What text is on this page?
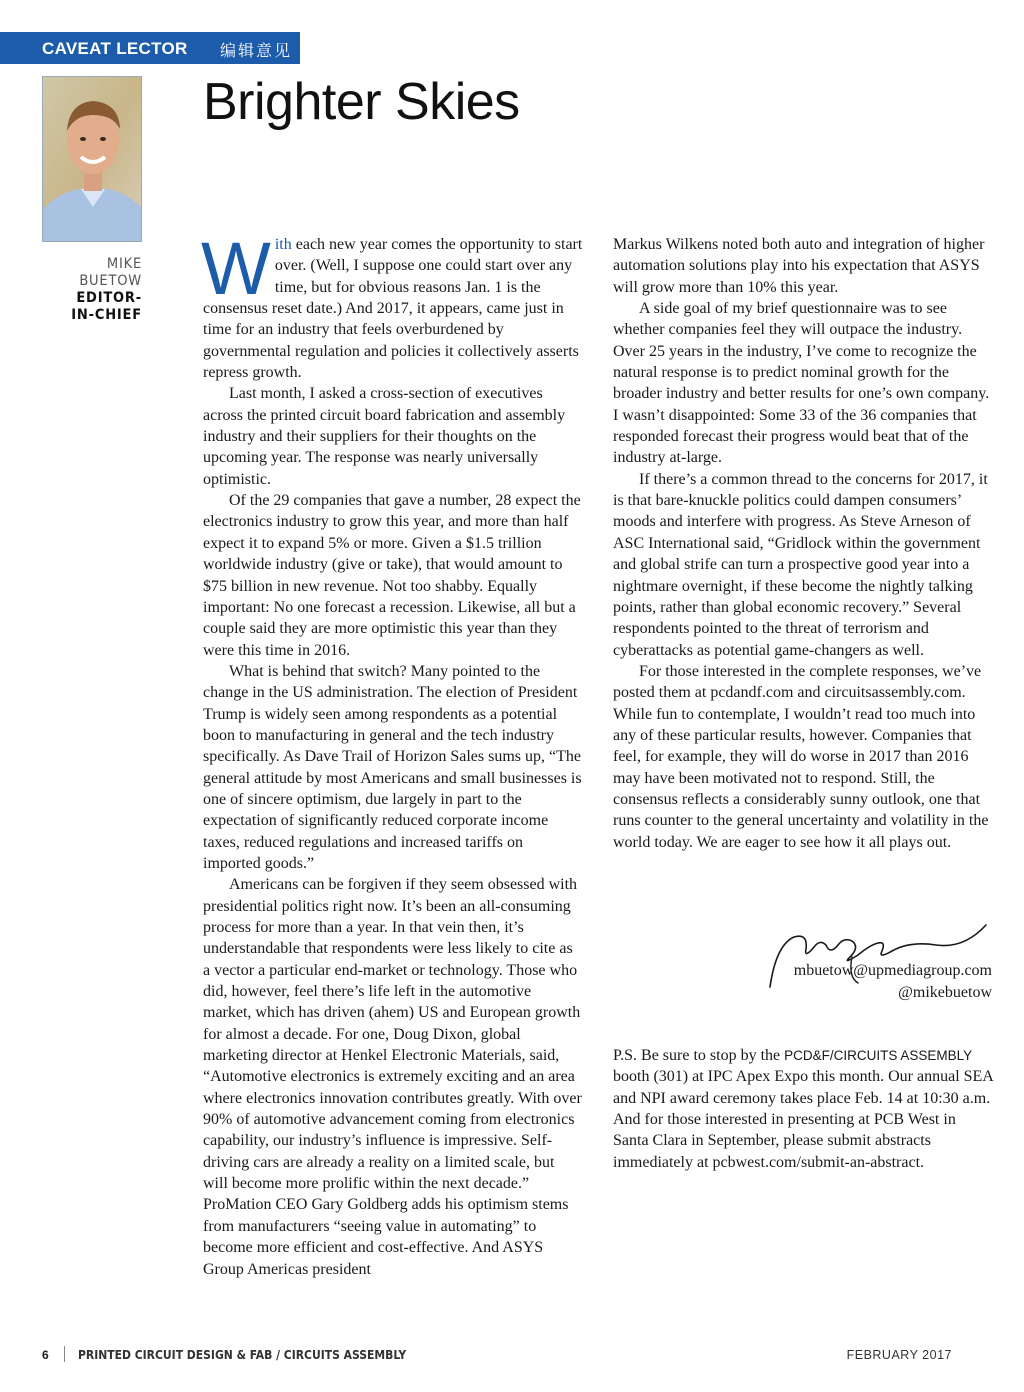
CAVEAT LECTOR 编辑意见
Brighter Skies
MIKE
BUETOW
EDITOR-
IN-CHIEF

With each new year comes the opportunity to start over. (Well, I suppose one could start over any time, but for obvious reasons Jan. 1 is the consensus reset date.) And 2017, it appears, came just in time for an industry that feels overburdened by governmental regulation and policies it collectively asserts repress growth.

Last month, I asked a cross-section of executives across the printed circuit board fabrication and assembly industry and their suppliers for their thoughts on the upcoming year. The response was nearly universally optimistic.

Of the 29 companies that gave a number, 28 expect the electronics industry to grow this year, and more than half expect it to expand 5% or more. Given a $1.5 trillion worldwide industry (give or take), that would amount to $75 billion in new revenue. Not too shabby. Equally important: No one forecast a recession. Likewise, all but a couple said they are more optimistic this year than they were this time in 2016.

What is behind that switch? Many pointed to the change in the US administration. The election of President Trump is widely seen among respondents as a potential boon to manufacturing in general and the tech industry specifically. As Dave Trail of Horizon Sales sums up, “The general attitude by most Americans and small businesses is one of sincere optimism, due largely in part to the expectation of significantly reduced corporate income taxes, reduced regulations and increased tariffs on imported goods.”

Americans can be forgiven if they seem obsessed with presidential politics right now. It’s been an all-consuming process for more than a year. In that vein then, it’s understandable that respondents were less likely to cite as a vector a particular end-market or technology. Those who did, however, feel there’s life left in the automotive market, which has driven (ahem) US and European growth for almost a decade. For one, Doug Dixon, global marketing director at Henkel Electronic Materials, said, “Automotive electronics is extremely exciting and an area where electronics innovation contributes greatly. With over 90% of automotive advancement coming from electronics capability, our industry’s influence is impressive. Self-driving cars are already a reality on a limited scale, but will become more prolific within the next decade.” ProMation CEO Gary Goldberg adds his optimism stems from manufacturers “seeing value in automating” to become more efficient and cost-effective. And ASYS Group Americas president

Markus Wilkens noted both auto and integration of higher automation solutions play into his expectation that ASYS will grow more than 10% this year.

A side goal of my brief questionnaire was to see whether companies feel they will outpace the industry. Over 25 years in the industry, I’ve come to recognize the natural response is to predict nominal growth for the broader industry and better results for one’s own company. I wasn’t disappointed: Some 33 of the 36 companies that responded forecast their progress would beat that of the industry at-large.

If there’s a common thread to the concerns for 2017, it is that bare-knuckle politics could dampen consumers’ moods and interfere with progress. As Steve Arneson of ASC International said, “Gridlock within the government and global strife can turn a prospective good year into a nightmare overnight, if these become the nightly talking points, rather than global economic recovery.” Several respondents pointed to the threat of terrorism and cyberattacks as potential game-changers as well.

For those interested in the complete responses, we’ve posted them at pcdandf.com and circuitsassembly.com. While fun to contemplate, I wouldn’t read too much into any of these particular results, however. Companies that feel, for example, they will do worse in 2017 than 2016 may have been motivated not to respond. Still, the consensus reflects a considerably sunny outlook, one that runs counter to the general uncertainty and volatility in the world today. We are eager to see how it all plays out.

mbuetow@upmediagroup.com
@mikebuetow

P.S. Be sure to stop by the PCD&F/CIRCUITS ASSEMBLY booth (301) at IPC Apex Expo this month. Our annual SEA and NPI award ceremony takes place Feb. 14 at 10:30 a.m. And for those interested in presenting at PCB West in Santa Clara in September, please submit abstracts immediately at pcbwest.com/submit-an-abstract.

6 PRINTED CIRCUIT DESIGN & FAB / CIRCUITS ASSEMBLY	FEBRUARY 2017
